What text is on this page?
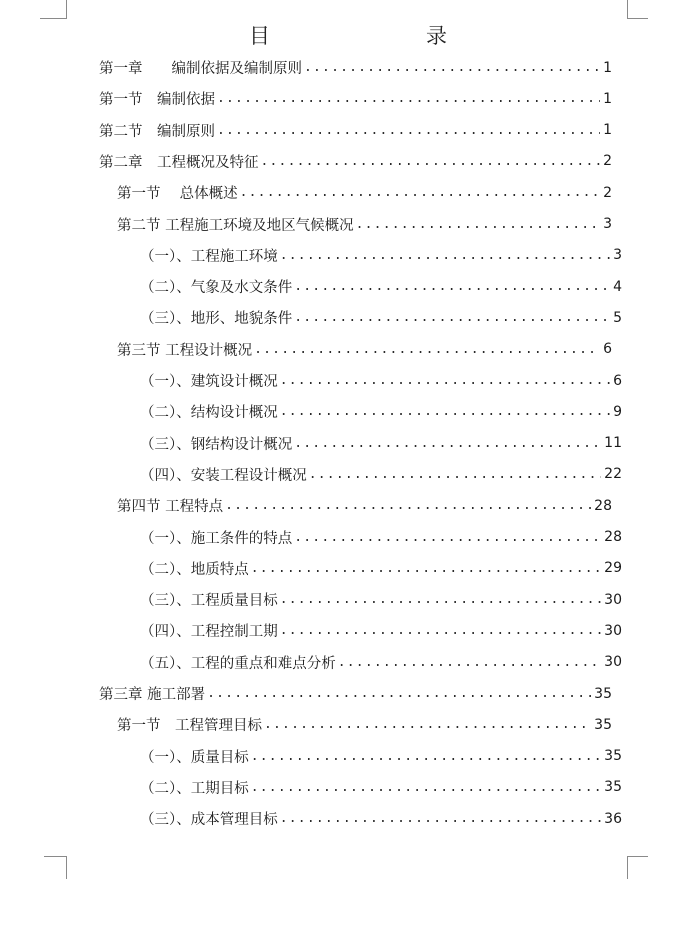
目　　录
第一章　　编制依据及编制原则 .....	1
第一节　编制依据 .....	1
第二节　编制原则 .....	1
第二章　工程概况及特征 .....	2
第一节　 总体概述 .....	2
第二节 工程施工环境及地区气候概况 .....	3
（一）、工程施工环境 .....	3
（二）、气象及水文条件 .....	4
（三）、地形、地貌条件 .....	5
第三节 工程设计概况 .....	6
（一）、建筑设计概况 .....	6
（二）、结构设计概况 .....	9
（三）、钢结构设计概况 .....	11
（四）、安装工程设计概况 .....	22
第四节 工程特点 .....	28
（一）、施工条件的特点 .....	28
（二）、地质特点 .....	29
（三）、工程质量目标 .....	30
（四）、工程控制工期 .....	30
（五）、工程的重点和难点分析 .....	30
第三章 施工部署 .....	35
第一节　工程管理目标 .....	35
（一）、质量目标 .....	35
（二）、工期目标 .....	35
（三）、成本管理目标 .....	36
